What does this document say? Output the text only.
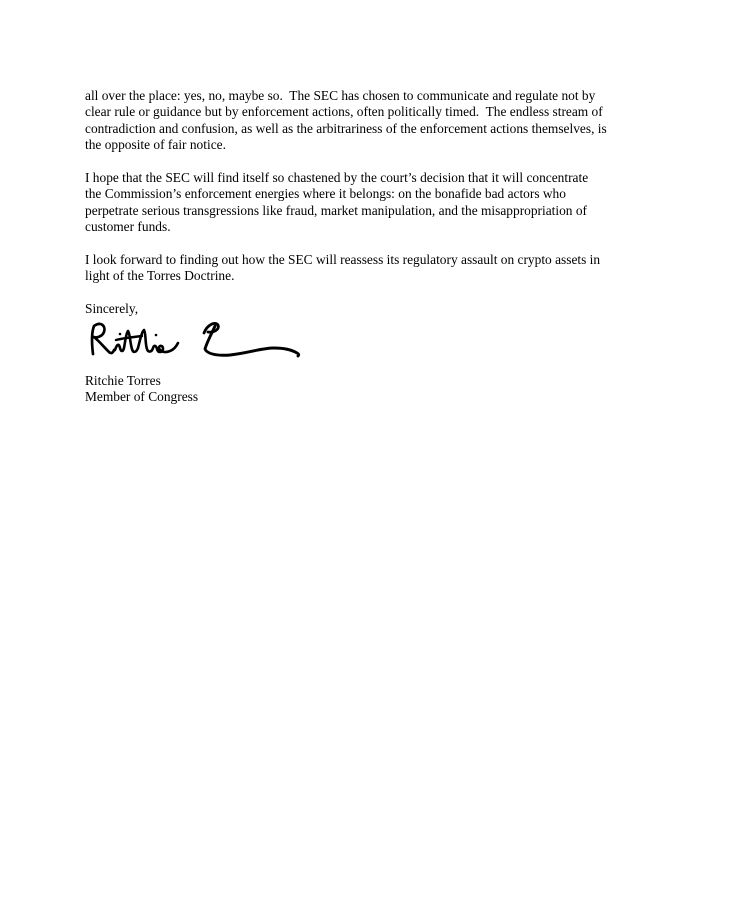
all over the place: yes, no, maybe so.  The SEC has chosen to communicate and regulate not by
clear rule or guidance but by enforcement actions, often politically timed.  The endless stream of
contradiction and confusion, as well as the arbitrariness of the enforcement actions themselves, is
the opposite of fair notice.
I hope that the SEC will find itself so chastened by the court’s decision that it will concentrate
the Commission’s enforcement energies where it belongs: on the bonafide bad actors who
perpetrate serious transgressions like fraud, market manipulation, and the misappropriation of
customer funds.
I look forward to finding out how the SEC will reassess its regulatory assault on crypto assets in
light of the Torres Doctrine.
Sincerely,
Ritchie Torres
Member of Congress
